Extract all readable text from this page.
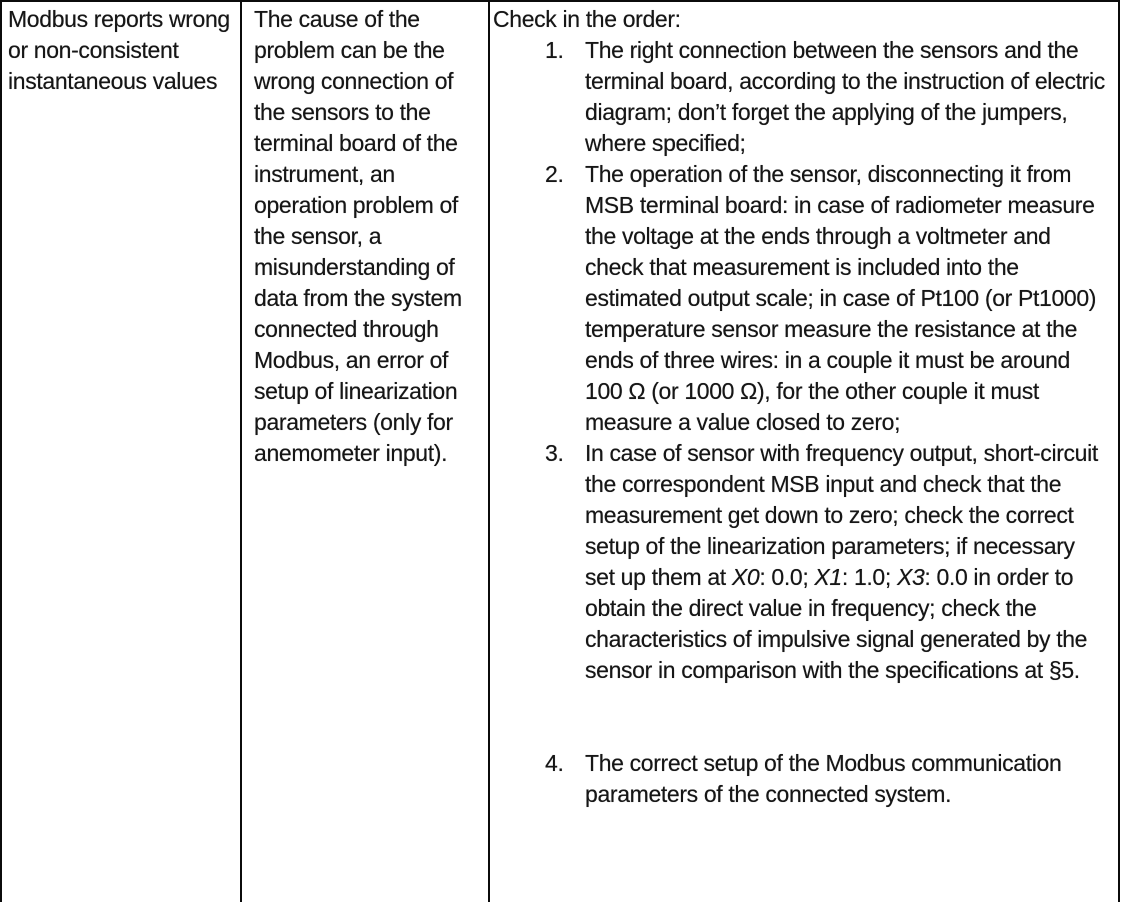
Modbus reports wrong or non-consistent instantaneous values
The cause of the problem can be the wrong connection of the sensors to the terminal board of the instrument, an operation problem of the sensor, a misunderstanding of data from the system connected through Modbus, an error of setup of linearization parameters (only for anemometer input).
Check in the order:
1. The right connection between the sensors and the terminal board, according to the instruction of electric diagram; don’t forget the applying of the jumpers, where specified;
2. The operation of the sensor, disconnecting it from MSB terminal board: in case of radiometer measure the voltage at the ends through a voltmeter and check that measurement is included into the estimated output scale; in case of Pt100 (or Pt1000) temperature sensor measure the resistance at the ends of three wires: in a couple it must be around 100 Ω (or 1000 Ω), for the other couple it must measure a value closed to zero;
3. In case of sensor with frequency output, short-circuit the correspondent MSB input and check that the measurement get down to zero; check the correct setup of the linearization parameters; if necessary set up them at X0: 0.0; X1: 1.0; X3: 0.0 in order to obtain the direct value in frequency; check the characteristics of impulsive signal generated by the sensor in comparison with the specifications at §5.
4. The correct setup of the Modbus communication parameters of the connected system.
